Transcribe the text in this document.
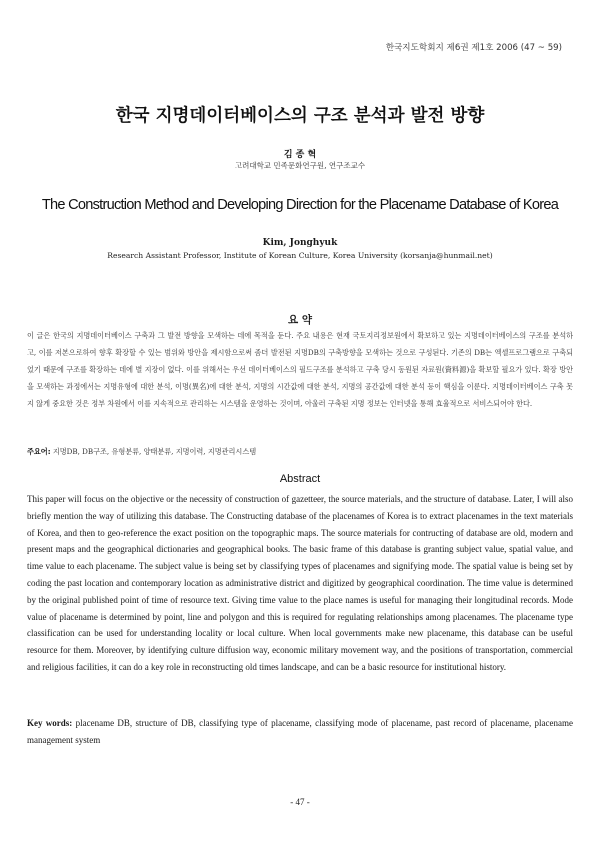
한국지도학회지 제6권 제1호 2006 (47 ~ 59)
한국 지명데이터베이스의 구조 분석과 발전 방향
김 종 혁
고려대학교 민족문화연구원, 연구조교수
The Construction Method and Developing Direction for the Placename Database of Korea
Kim, Jonghyuk
Research Assistant Professor, Institute of Korean Culture, Korea University (korsanja@hunmail.net)
요 약
이 글은 한국의 지명데이터베이스 구축과 그 발전 방향을 모색하는 데에 목적을 둔다. 주요 내용은 현재 국토지리정보원에서 확보하고 있는 지명데이터베이스의 구조를 분석하고, 이를 저본으로하여 향후 확장할 수 있는 범위와 방안을 제시함으로써 좀더 발전된 지명DB의 구축방향을 모색하는 것으로 구성된다. 기존의 DB는 엑셀프로그램으로 구축되었기 때문에 구조를 확장하는 데에 별 지장이 없다. 이를 위해서는 우선 데이터베이스의 필드구조를 분석하고 구축 당시 동원된 자료원(資料源)을 확보할 필요가 있다. 확장 방안을 모색하는 과정에서는 지명유형에 대한 분석, 이명(異名)에 대한 분석, 지명의 시간값에 대한 분석, 지명의 공간값에 대한 분석 등이 핵심을 이룬다. 지명데이터베이스 구축 못지 않게 중요한 것은 정부 차원에서 이를 지속적으로 관리하는 시스템을 운영하는 것이며, 아울러 구축된 지명 정보는 인터넷을 통해 효율적으로 서비스되어야 한다.
주요어: 지명DB, DB구조, 유형분류, 양태분류, 지명이력, 지명관리시스템
Abstract
This paper will focus on the objective or the necessity of construction of gazetteer, the source materials, and the structure of database. Later, I will also briefly mention the way of utilizing this database. The Constructing database of the placenames of Korea is to extract placenames in the text materials of Korea, and then to geo-reference the exact position on the topographic maps. The source materials for contructing of database are old, modern and present maps and the geographical dictionaries and geographical books. The basic frame of this database is granting subject value, spatial value, and time value to each placename. The subject value is being set by classifying types of placenames and signifying mode. The spatial value is being set by coding the past location and contemporary location as administrative district and digitized by geographical coordination. The time value is determined by the original published point of time of resource text. Giving time value to the place names is useful for managing their longitudinal records. Mode value of placename is determined by point, line and polygon and this is required for regulating relationships among placenames. The placename type classification can be used for understanding locality or local culture. When local governments make new placename, this database can be useful resource for them. Moreover, by identifying culture diffusion way, economic military movement way, and the positions of transportation, commercial and religious facilities, it can do a key role in reconstructing old times landscape, and can be a basic resource for institutional history.
Key words: placename DB, structure of DB, classifying type of placename, classifying mode of placename, past record of placename, placename management system
- 47 -
